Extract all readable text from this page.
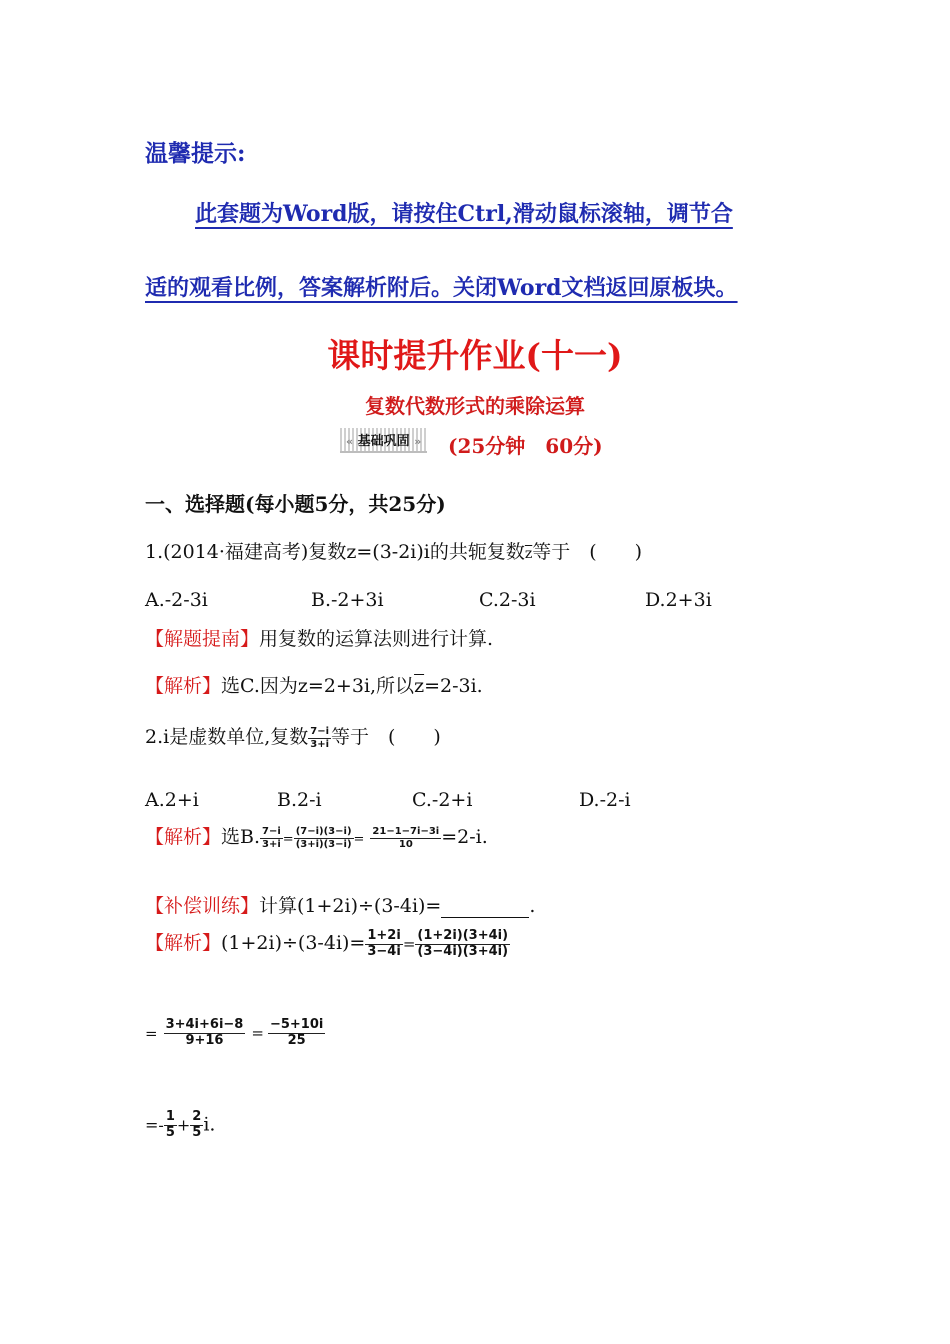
温馨提示:
此套题为Word版，请按住Ctrl,滑动鼠标滚轴，调节合
适的观看比例，答案解析附后。关闭Word文档返回原板块。
课时提升作业(十一)
复数代数形式的乘除运算
« 基础巩固 »	(25分钟　60分)
一、选择题(每小题5分，共25分)
1.(2014·福建高考)复数z=(3-2i)i的共轭复数$\overline{z}$等于　(　　)
A.-2-3i	B.-2+3i	C.2-3i	D.2+3i
【解题提南】用复数的运算法则进行计算.
【解析】选C.因为z=2+3i,所以$\overline{z}=2-3i$.
2.i是虚数单位,复数 $\frac{7-i}{3+i}$ 等于　(　　)
A.2+i	B.2-i	C.-2+i	D.-2-i
【解析】选B. $\frac{7-i}{3+i} = \frac{(7-i)(3-i)}{(3+i)(3-i)} = \frac{21-1-7i-3i}{10} =2-i$.
【补偿训练】计算(1+2i)÷(3-4i)=	.
【解析】$(1+2i)\div(3-4i)= \frac{1+2i}{3-4i} = \frac{(1+2i)(3+4i)}{(3-4i)(3+4i)}$
= $\frac{3+4i+6i-8}{9+16} = \frac{-5+10i}{25}$
=- $\frac{1}{5} + \frac{2}{5} i$.
